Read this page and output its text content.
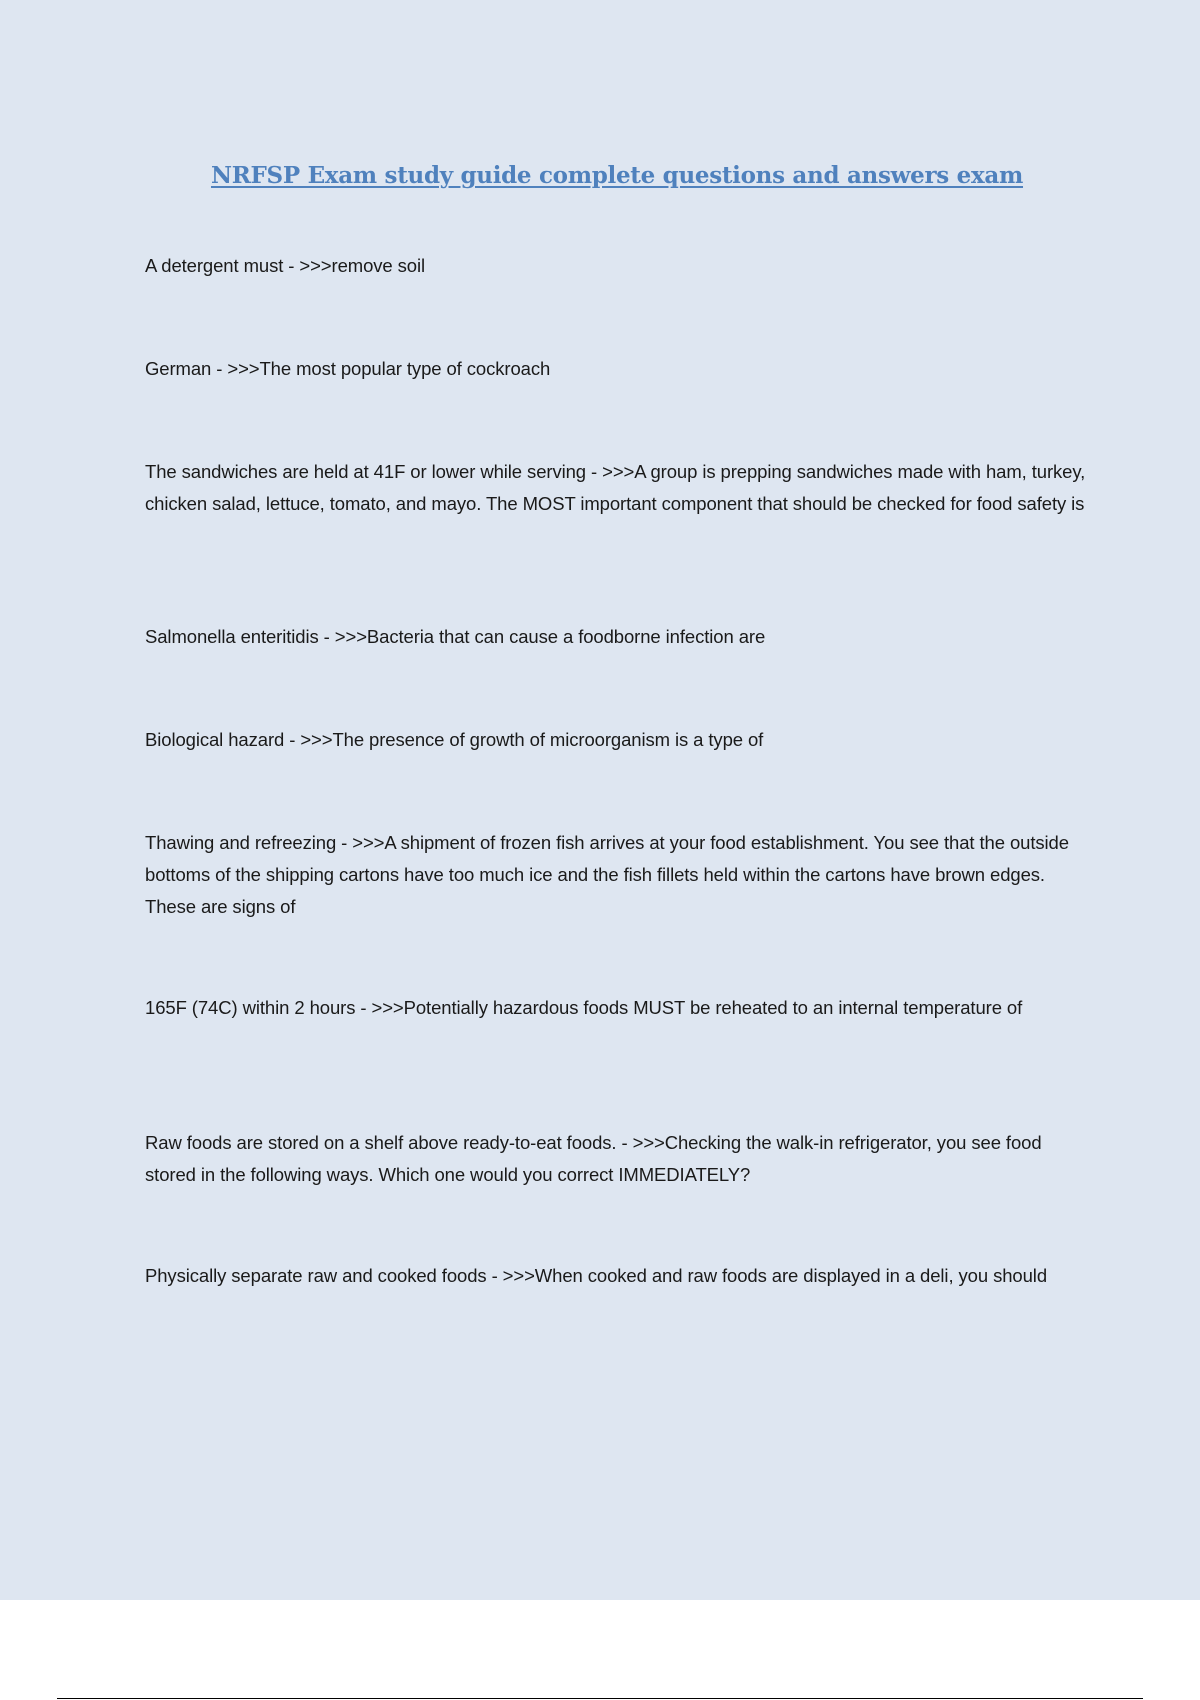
NRFSP Exam study guide complete questions and answers exam

A detergent must - >>>remove soil

German - >>>The most popular type of cockroach

The sandwiches are held at 41F or lower while serving - >>>A group is prepping sandwiches made with ham, turkey, chicken salad, lettuce, tomato, and mayo. The MOST important component that should be checked for food safety is

Salmonella enteritidis - >>>Bacteria that can cause a foodborne infection are

Biological hazard - >>>The presence of growth of microorganism is a type of

Thawing and refreezing - >>>A shipment of frozen fish arrives at your food establishment. You see that the outside bottoms of the shipping cartons have too much ice and the fish fillets held within the cartons have brown edges. These are signs of

165F (74C) within 2 hours - >>>Potentially hazardous foods MUST be reheated to an internal temperature of

Raw foods are stored on a shelf above ready-to-eat foods. - >>>Checking the walk-in refrigerator, you see food stored in the following ways. Which one would you correct IMMEDIATELY?

Physically separate raw and cooked foods - >>>When cooked and raw foods are displayed in a deli, you should
